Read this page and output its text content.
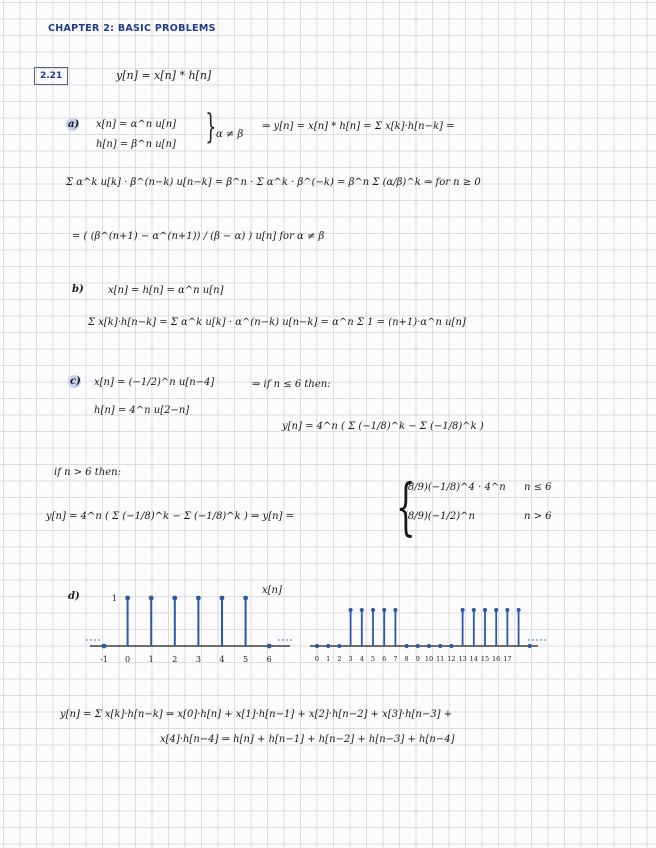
CHAPTER 2: BASIC PROBLEMS
2.21	y[n] = x[n] * h[n]
a) x[n] = α^n u[n]
h[n] = β^n u[n] } α ≠ β
⇒ y[n] = x[n] * h[n] = Σ x[k]·h[n−k] =
Σ α^k u[k] · β^(n−k) u[n−k] = β^n · Σ α^k · β^(−k) = β^n Σ (α/β)^k ⇒ for n ≥ 0
= ( (β^(n+1) − α^(n+1)) / (β − α) ) u[n] for α ≠ β
b) x[n] = h[n] = α^n u[n]
Σ x[k]·h[n−k] = Σ α^k u[k] · α^(n−k) u[n−k] = α^n Σ 1 = (n+1)·α^n u[n]
c) x[n] = (−1/2)^n u[n−4]	⇒ if n ≤ 6 then:
h[n] = 4^n u[2−n]
y[n] = 4^n ( Σ (−1/8)^k − Σ (−1/8)^k )
if n > 6 then:
y[n] = 4^n ( Σ (−1/8)^k − Σ (−1/8)^k ) ⇒ y[n] = {
(8/9)(−1/8)^4 · 4^n n ≤ 6
(8/9)(−1/2)^n	n > 6
d)
x[n]
-1 0 1 2 3 4 5 6
1
0 1 2 3 4 5 6 7 8 9 10 11 12 13 14 15 16 17
y[n] = Σ x[k]·h[n−k] ⇒ x[0]·h[n] + x[1]·h[n−1] + x[2]·h[n−2] + x[3]·h[n−3] +
x[4]·h[n−4] ⇒ h[n] + h[n−1] + h[n−2] + h[n−3] + h[n−4]
